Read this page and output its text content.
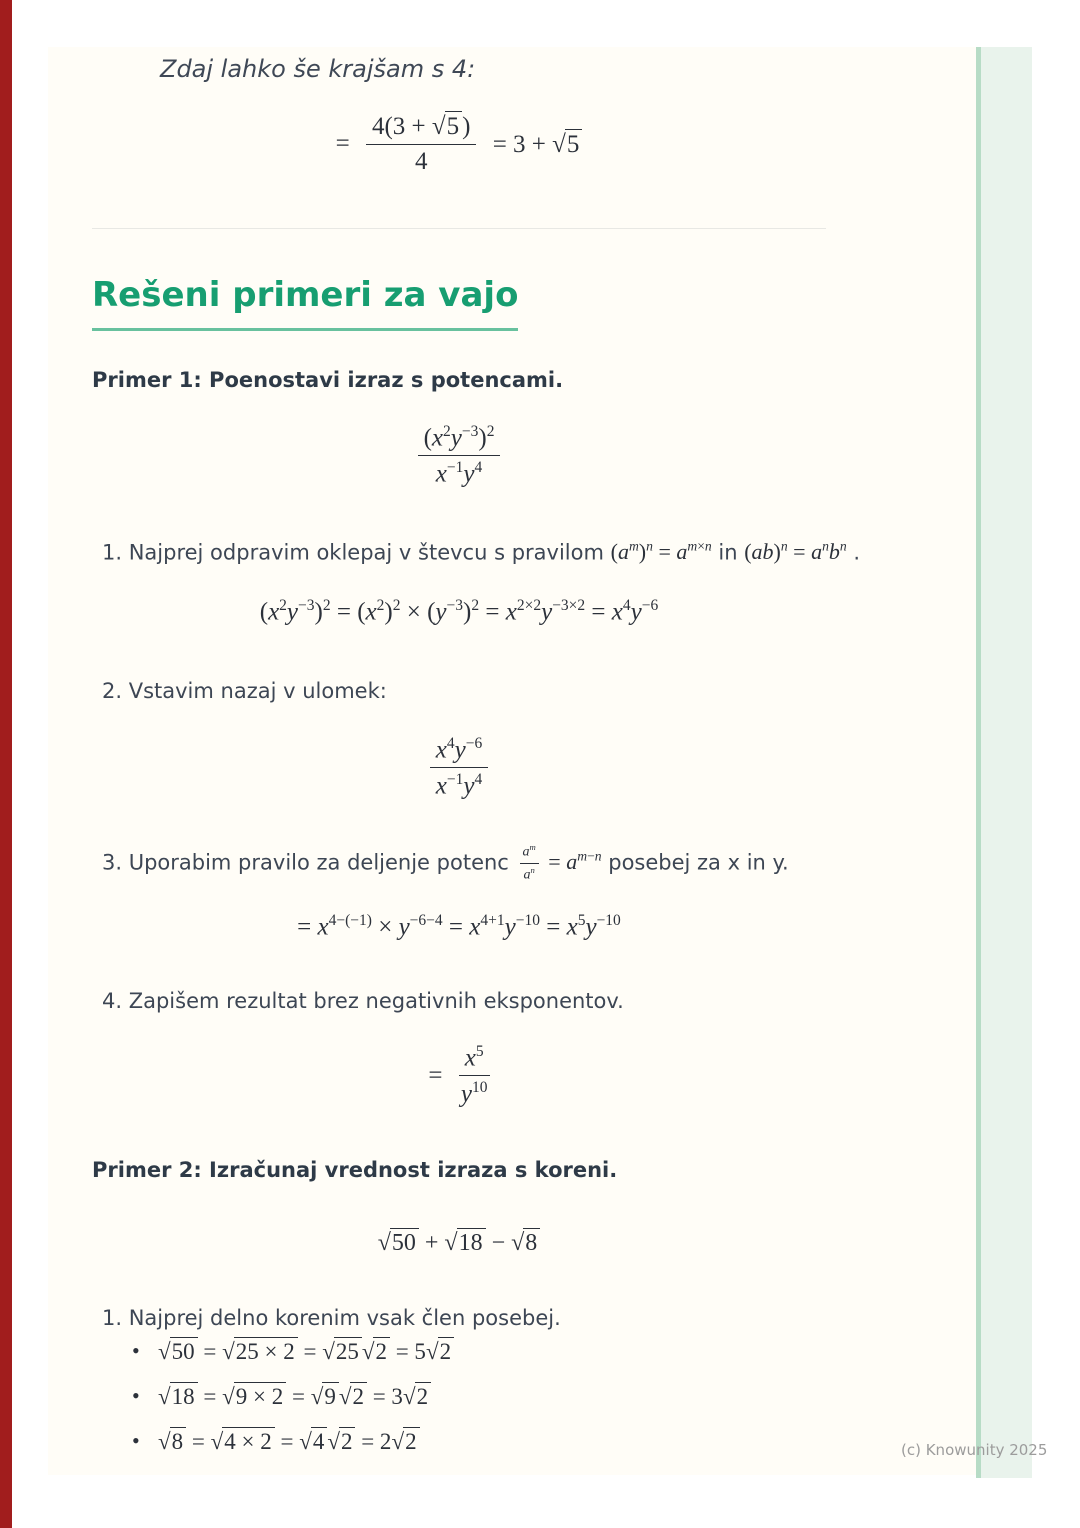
Zdaj lahko še krajšam s 4:
= $\frac{4(3 + √5 )}{4} = 3 + √5$
Rešeni primeri za vajo
Primer 1: Poenostavi izraz s potencami.
$\frac{(x^2y^{-3})^2}{x^{-1}y^4}$
1. Najprej odpravim oklepaj v števcu s pravilom $(a^m)^n = a^{m\times n}$ in $(ab)^n = a^nb^n$ .
$(x^2y^{-3})^2 = (x^2)^2 \times (y^{-3})^2 = x^{2\times 2}y^{-3\times 2} = x^4y^{-6}$
2. Vstavim nazaj v ulomek:
$\frac{x^4y^{-6}}{x^{-1}y^4}$
3. Uporabim pravilo za deljenje potenc $\frac{a^m}{a^n} = a^{m-n}$ posebej za x in y.
= $x^{4-(-1)} \times y^{-6-4} = x^{4+1}y^{-10} = x^5y^{-10}$
4. Zapišem rezultat brez negativnih eksponentov.
= $\frac{x^5}{y^{10}}$
Primer 2: Izračunaj vrednost izraza s koreni.
√50 + √18 − √8
1. Najprej delno korenim vsak člen posebej.
• √50 = √25 × 2 = √25 √2 = 5√2
• √18 = √9 × 2 = √9 √2 = 3√2
• √8 = √4 × 2 = √4 √2 = 2√2	(c) Knowunity 2025
